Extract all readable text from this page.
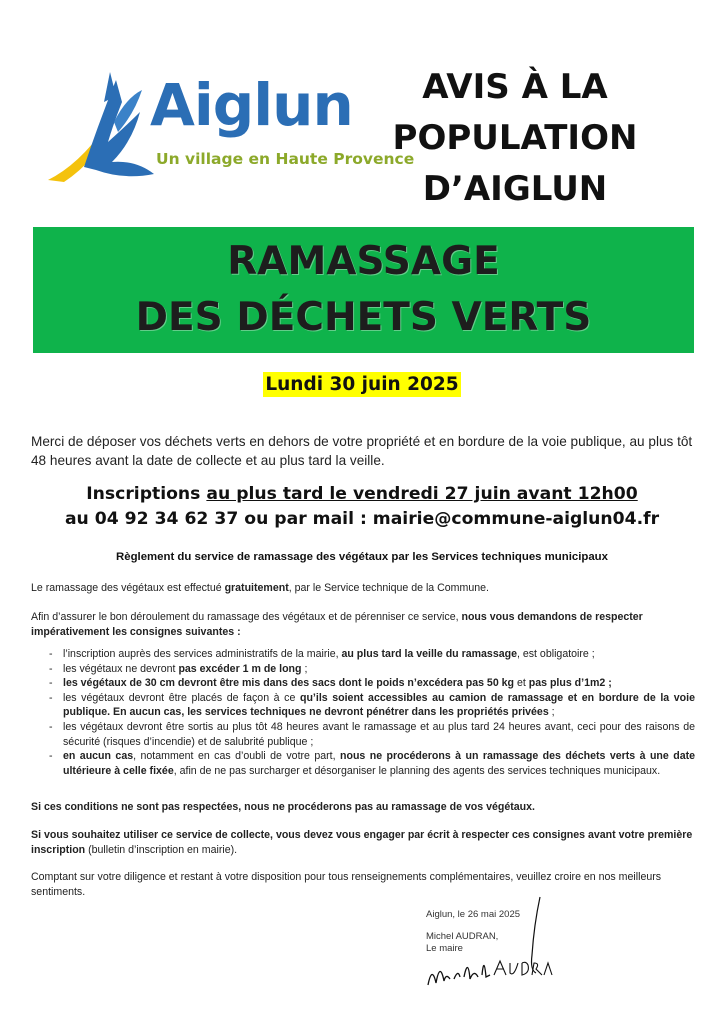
Aiglun
Un village en Haute Provence
AVIS À LA
POPULATION
D’AIGLUN
RAMASSAGE
DES DÉCHETS VERTS
Lundi 30 juin 2025
Merci de déposer vos déchets verts en dehors de votre propriété et en bordure de la voie publique, au plus tôt 48 heures avant la date de collecte et au plus tard la veille.
Inscriptions au plus tard le vendredi 27 juin avant 12h00
au 04 92 34 62 37 ou par mail : mairie@commune-aiglun04.fr
Règlement du service de ramassage des végétaux par les Services techniques municipaux
Le ramassage des végétaux est effectué gratuitement, par le Service technique de la Commune.
Afin d’assurer le bon déroulement du ramassage des végétaux et de pérenniser ce service, nous vous demandons de respecter impérativement les consignes suivantes :
- l’inscription auprès des services administratifs de la mairie, au plus tard la veille du ramassage, est obligatoire ;
- les végétaux ne devront pas excéder 1 m de long ;
- les végétaux de 30 cm devront être mis dans des sacs dont le poids n’excédera pas 50 kg et pas plus d’1m2 ;
- les végétaux devront être placés de façon à ce qu’ils soient accessibles au camion de ramassage et en bordure de la voie publique. En aucun cas, les services techniques ne devront pénétrer dans les propriétés privées ;
- les végétaux devront être sortis au plus tôt 48 heures avant le ramassage et au plus tard 24 heures avant, ceci pour des raisons de sécurité (risques d’incendie) et de salubrité publique ;
- en aucun cas, notamment en cas d’oubli de votre part, nous ne procéderons à un ramassage des déchets verts à une date ultérieure à celle fixée, afin de ne pas surcharger et désorganiser le planning des agents des services techniques municipaux.
Si ces conditions ne sont pas respectées, nous ne procéderons pas au ramassage de vos végétaux.
Si vous souhaitez utiliser ce service de collecte, vous devez vous engager par écrit à respecter ces consignes avant votre première inscription (bulletin d’inscription en mairie).
Comptant sur votre diligence et restant à votre disposition pour tous renseignements complémentaires, veuillez croire en nos meilleurs sentiments.
Aiglun, le 26 mai 2025
Michel AUDRAN,
Le maire
